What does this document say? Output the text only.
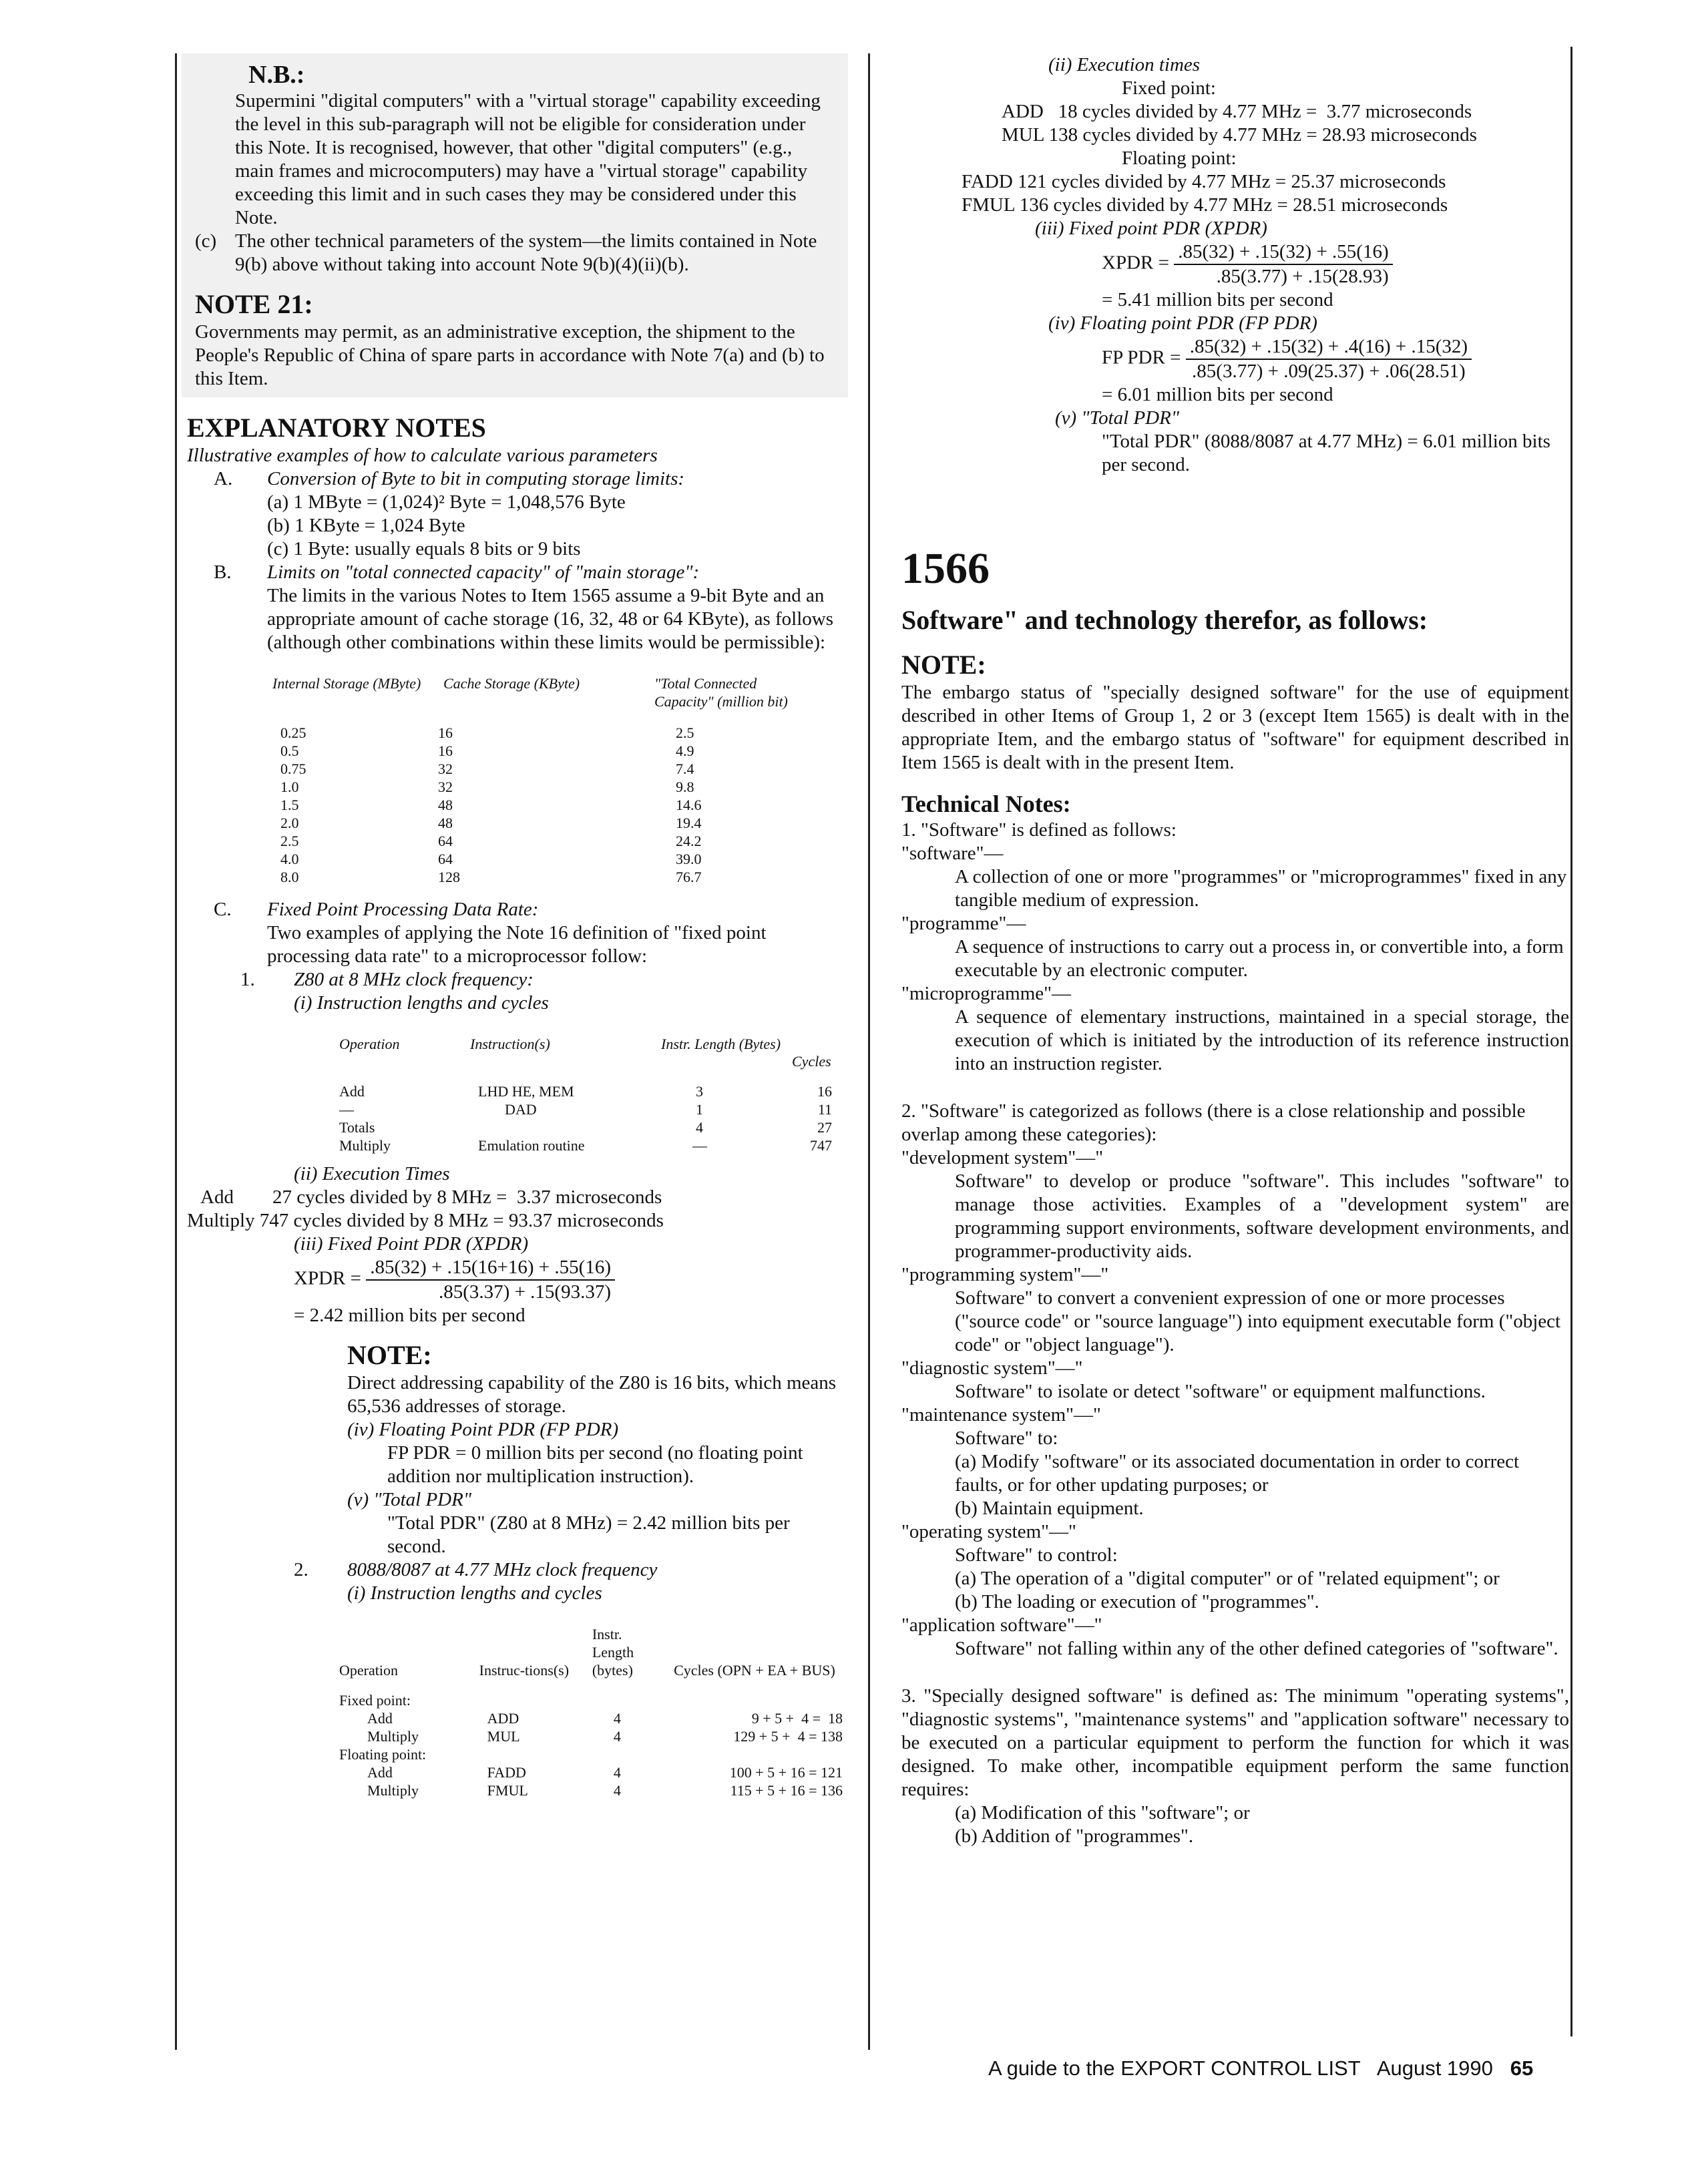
N.B.:

Supermini "digital computers" with a "virtual storage" capability exceeding the level in this sub-paragraph will not be eligible for consideration under this Note. It is recognised, however, that other "digital computers" (e.g., main frames and microcomputers) may have a "virtual storage" capability exceeding this limit and in such cases they may be considered under this Note.

(c) The other technical parameters of the system—the limits contained in Note 9(b) above without taking into account Note 9(b)(4)(ii)(b).
NOTE 21:

Governments may permit, as an administrative exception, the shipment to the People's Republic of China of spare parts in accordance with Note 7(a) and (b) to this Item.

EXPLANATORY NOTES
Illustrative examples of how to calculate various parameters
A.	Conversion of Byte to bit in computing storage limits:
(a) 1 MByte = (1,024)² Byte = 1,048,576 Byte
(b) 1 KByte = 1,024 Byte
(c) 1 Byte: usually equals 8 bits or 9 bits
B.	Limits on "total connected capacity" of "main storage":

The limits in the various Notes to Item 1565 assume a 9-bit Byte and an appropriate amount of cache storage (16, 32, 48 or 64 KByte), as follows (although other combinations within these limits would be permissible):

Internal Storage (MByte)	Cache Storage (KByte)	"Total Connected Capacity" (million bit)

0.25	16	2.5
0.5	16	4.9
0.75	32	7.4
1.0	32	9.8
1.5	48	14.6
2.0	48	19.4
2.5	64	24.2
4.0	64	39.0
8.0	128	76.7
C.	Fixed Point Processing Data Rate:

Two examples of applying the Note 16 definition of "fixed point processing data rate" to a microprocessor follow:

1.	Z80 at 8 MHz clock frequency:
(i) Instruction lengths and cycles
Operation	Instruction(s)	Instr. Length (Bytes)	Cycles

Add	LHD HE, MEM	3	16
—	DAD	1	11
Totals		4	27
Multiply	Emulation routine	—	747
(ii) Execution Times
Add        27 cycles divided by 8 MHz =  3.37 microseconds
Multiply 747 cycles divided by 8 MHz = 93.37 microseconds
(iii) Fixed Point PDR (XPDR)
XPDR = $\frac{.85(32) + .15(16+16) + .55(16)}{.85(3.37) + .15(93.37)}$
= 2.42 million bits per second
NOTE:

Direct addressing capability of the Z80 is 16 bits, which means 65,536 addresses of storage.

(iv) Floating Point PDR (FP PDR)

FP PDR = 0 million bits per second (no floating point addition nor multiplication instruction).

(v) "Total PDR"

"Total PDR" (Z80 at 8 MHz) = 2.42 million bits per second.

2.	8088/8087 at 4.77 MHz clock frequency
(i) Instruction lengths and cycles
Operation	Instruc-tions(s)	Instr. Length (bytes)	Cycles (OPN + EA + BUS)

Fixed point:			
Add	ADD	4	9 + 5 +  4 =  18
Multiply	MUL	4	129 + 5 +  4 = 138
Floating point:			
Add	FADD	4	100 + 5 + 16 = 121
Multiply	FMUL	4	115 + 5 + 16 = 136
(ii) Execution times
Fixed point:
ADD   18 cycles divided by 4.77 MHz =  3.77 microseconds
MUL 138 cycles divided by 4.77 MHz = 28.93 microseconds
Floating point:
FADD 121 cycles divided by 4.77 MHz = 25.37 microseconds
FMUL 136 cycles divided by 4.77 MHz = 28.51 microseconds
(iii) Fixed point PDR (XPDR)
XPDR = $\frac{.85(32) + .15(32) + .55(16)}{.85(3.77) + .15(28.93)}$
= 5.41 million bits per second
(iv) Floating point PDR (FP PDR)
FP PDR = $\frac{.85(32) + .15(32) + .4(16) + .15(32)}{.85(3.77) + .09(25.37) + .06(28.51)}$
= 6.01 million bits per second
(v) "Total PDR"

"Total PDR" (8088/8087 at 4.77 MHz) = 6.01 million bits per second.

1566
Software" and technology therefor, as follows:
NOTE:

The embargo status of "specially designed software" for the use of equipment described in other Items of Group 1, 2 or 3 (except Item 1565) is dealt with in the appropriate Item, and the embargo status of "software" for equipment described in Item 1565 is dealt with in the present Item.

Technical Notes:
1. "Software" is defined as follows:
"software"—

A collection of one or more "programmes" or "microprogrammes" fixed in any tangible medium of expression.

"programme"—

A sequence of instructions to carry out a process in, or convertible into, a form executable by an electronic computer.

"microprogramme"—

A sequence of elementary instructions, maintained in a special storage, the execution of which is initiated by the introduction of its reference instruction into an instruction register.

2. "Software" is categorized as follows (there is a close relationship and possible overlap among these categories):

"development system"—"

Software" to develop or produce "software". This includes "software" to manage those activities. Examples of a "development system" are programming support environments, software development environments, and programmer-productivity aids.

"programming system"—"

Software" to convert a convenient expression of one or more processes ("source code" or "source language") into equipment executable form ("object code" or "object language").

"diagnostic system"—"

Software" to isolate or detect "software" or equipment malfunctions.

"maintenance system"—"

Software" to:

(a) Modify "software" or its associated documentation in order to correct faults, or for other updating purposes; or

(b) Maintain equipment.

"operating system"—"

Software" to control:

(a) The operation of a "digital computer" or of "related equipment"; or

(b) The loading or execution of "programmes".

"application software"—"

Software" not falling within any of the other defined categories of "software".

3. "Specially designed software" is defined as: The minimum "operating systems", "diagnostic systems", "maintenance systems" and "application software" necessary to be executed on a particular equipment to perform the function for which it was designed. To make other, incompatible equipment perform the same function requires:

(a) Modification of this "software"; or

(b) Addition of "programmes".

A guide to the EXPORT CONTROL LIST August 1990 65
